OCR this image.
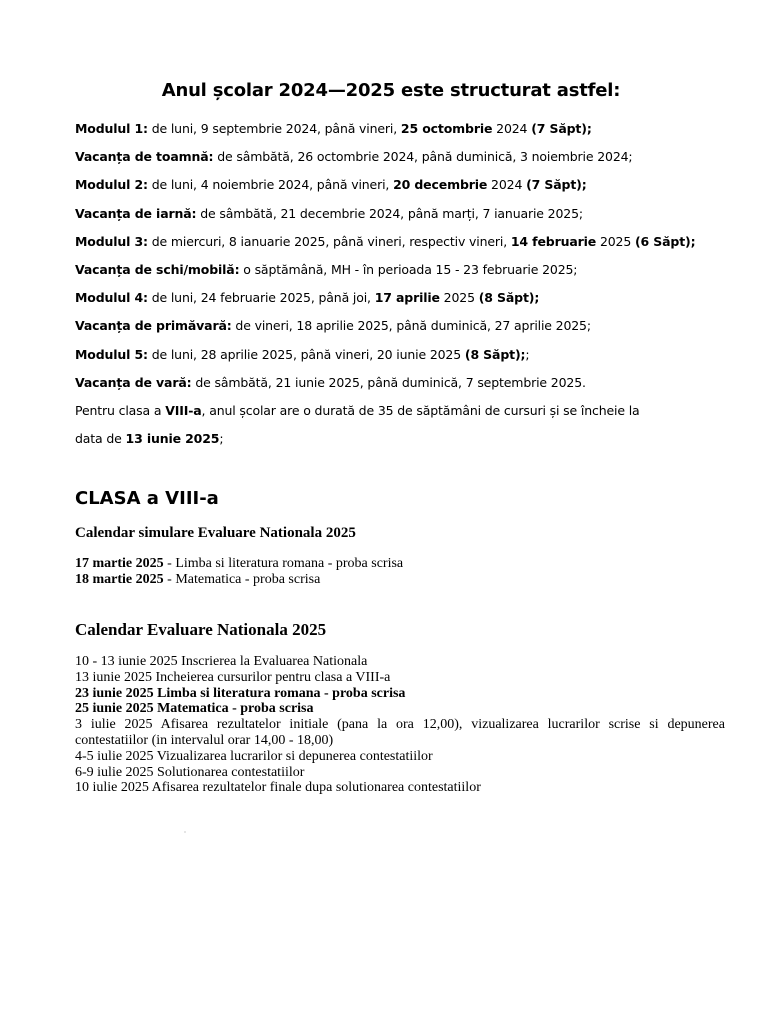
Anul școlar 2024—2025 este structurat astfel:
Modulul 1: de luni, 9 septembrie 2024, până vineri, 25 octombrie 2024 (7 Săpt);
Vacanța de toamnă: de sâmbătă, 26 octombrie 2024, până duminică, 3 noiembrie 2024;
Modulul 2: de luni, 4 noiembrie 2024, până vineri, 20 decembrie 2024 (7 Săpt);
Vacanța de iarnă: de sâmbătă, 21 decembrie 2024, până marți, 7 ianuarie 2025;
Modulul 3: de miercuri, 8 ianuarie 2025, până vineri, respectiv vineri, 14 februarie 2025 (6 Săpt);
Vacanța de schi/mobilă: o săptămână, MH - în perioada 15 - 23 februarie 2025;
Modulul 4: de luni, 24 februarie 2025, până joi, 17 aprilie 2025 (8 Săpt);
Vacanța de primăvară: de vineri, 18 aprilie 2025, până duminică, 27 aprilie 2025;
Modulul 5: de luni, 28 aprilie 2025, până vineri, 20 iunie 2025 (8 Săpt);;
Vacanța de vară: de sâmbătă, 21 iunie 2025, până duminică, 7 septembrie 2025.
Pentru clasa a VIII-a, anul școlar are o durată de 35 de săptămâni de cursuri și se încheie la
data de 13 iunie 2025;
CLASA a VIII-a
Calendar simulare Evaluare Nationala 2025
17 martie 2025 - Limba si literatura romana - proba scrisa
18 martie 2025 - Matematica - proba scrisa
Calendar Evaluare Nationala 2025
10 - 13 iunie 2025 Inscrierea la Evaluarea Nationala
13 iunie 2025 Incheierea cursurilor pentru clasa a VIII-a
23 iunie 2025 Limba si literatura romana - proba scrisa
25 iunie 2025 Matematica - proba scrisa
3 iulie 2025 Afisarea rezultatelor initiale (pana la ora 12,00), vizualizarea lucrarilor scrise si depunerea contestatiilor (in intervalul orar 14,00 - 18,00)
4-5 iulie 2025 Vizualizarea lucrarilor si depunerea contestatiilor
6-9 iulie 2025 Solutionarea contestatiilor
10 iulie 2025 Afisarea rezultatelor finale dupa solutionarea contestatiilor
